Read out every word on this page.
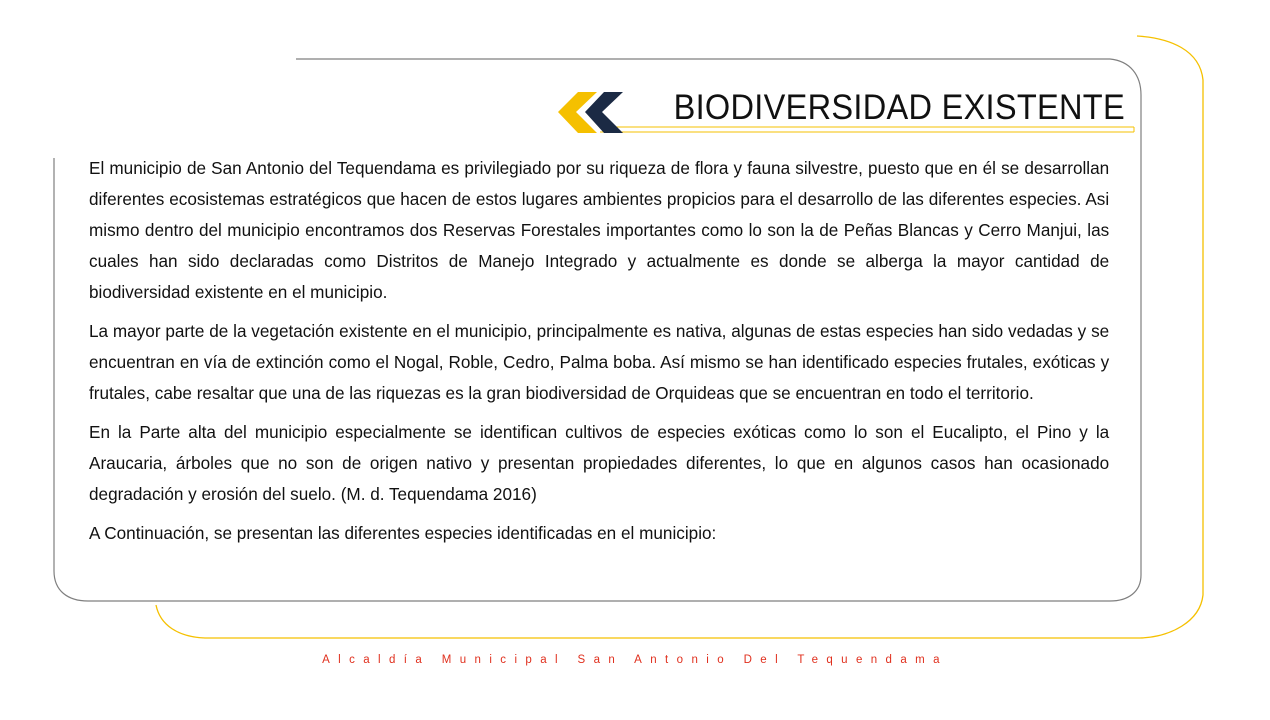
BIODIVERSIDAD EXISTENTE

El municipio de San Antonio del Tequendama es privilegiado por su riqueza de flora y fauna silvestre, puesto que en él se desarrollan diferentes ecosistemas estratégicos que hacen de estos lugares ambientes propicios para el desarrollo de las diferentes especies. Asi mismo dentro del municipio encontramos dos Reservas Forestales importantes como lo son la de Peñas Blancas y Cerro Manjui, las cuales han sido declaradas como Distritos de Manejo Integrado y actualmente es donde se alberga la mayor cantidad de biodiversidad existente en el municipio.

La mayor parte de la vegetación existente en el municipio, principalmente es nativa, algunas de estas especies han sido vedadas y se encuentran en vía de extinción como el Nogal, Roble, Cedro, Palma boba. Así mismo se han identificado especies frutales, exóticas y frutales, cabe resaltar que una de las riquezas es la gran biodiversidad de Orquideas que se encuentran en todo el territorio.

En la Parte alta del municipio especialmente se identifican cultivos de especies exóticas como lo son el Eucalipto, el Pino y la Araucaria, árboles que no son de origen nativo y presentan propiedades diferentes, lo que en algunos casos han ocasionado degradación y erosión del suelo. (M. d. Tequendama 2016)

A Continuación, se presentan las diferentes especies identificadas en el municipio:

Alcaldía Municipal San Antonio Del Tequendama
